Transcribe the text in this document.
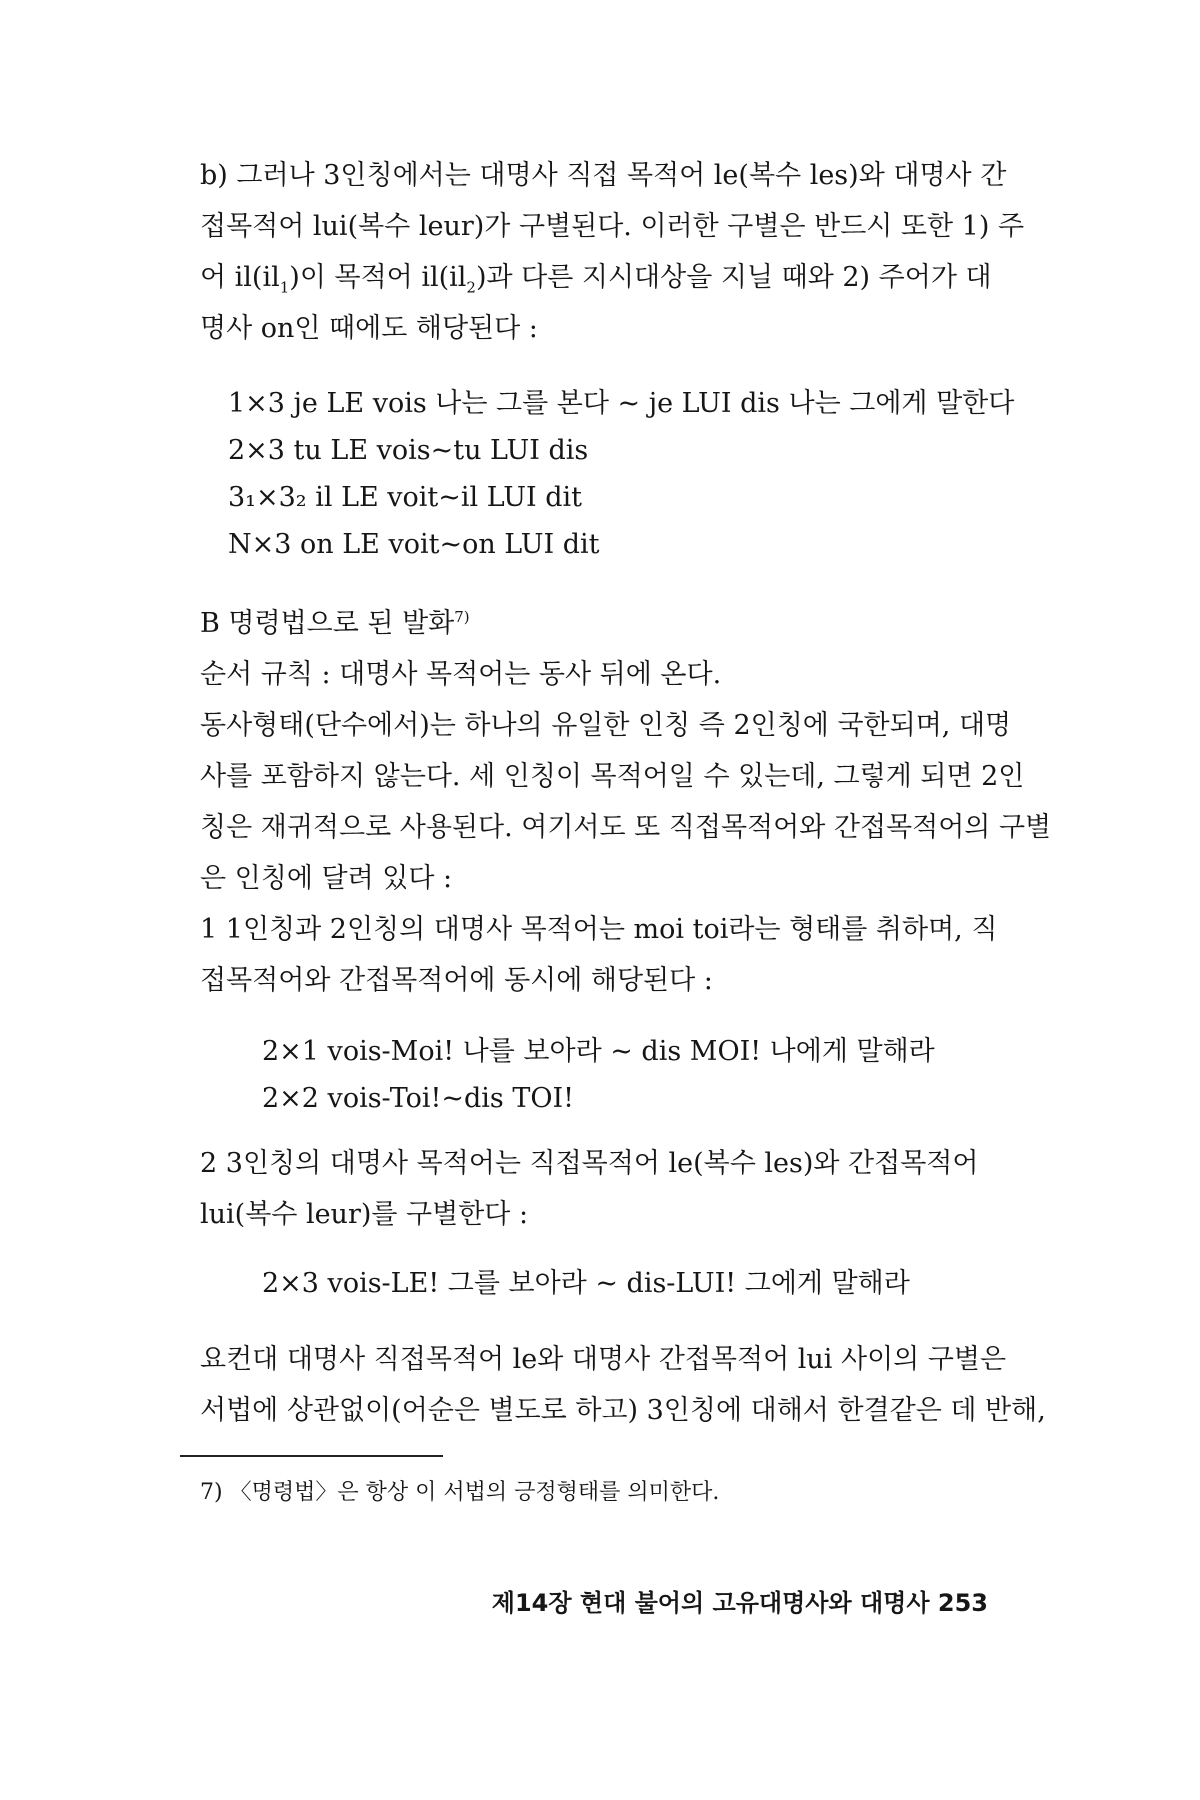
b) 그러나 3인칭에서는 대명사 직접 목적어 le(복수 les)와 대명사 간
접목적어 lui(복수 leur)가 구별된다. 이러한 구별은 반드시 또한 1) 주
어 $il(il_1)$이 목적어 $il(il_2)$과 다른 지시대상을 지닐 때와 2) 주어가 대
명사 on인 때에도 해당된다 :

1×3 je LE vois 나는 그를 본다 ~ je LUI dis 나는 그에게 말한다
2×3 tu LE vois~tu LUI dis
3₁×3₂ il LE voit~il LUI dit
N×3 on LE voit~on LUI dit

B 명령법으로 된 발화$^{7)}$
순서 규칙 : 대명사 목적어는 동사 뒤에 온다.

동사형태(단수에서)는 하나의 유일한 인칭 즉 2인칭에 국한되며, 대명
사를 포함하지 않는다. 세 인칭이 목적어일 수 있는데, 그렇게 되면 2인
칭은 재귀적으로 사용된다. 여기서도 또 직접목적어와 간접목적어의 구별
은 인칭에 달려 있다 :

1 1인칭과 2인칭의 대명사 목적어는 moi toi라는 형태를 취하며, 직
접목적어와 간접목적어에 동시에 해당된다 :

2×1 vois-Moi! 나를 보아라 ~ dis MOI! 나에게 말해라
2×2 vois-Toi!~dis TOI!

2 3인칭의 대명사 목적어는 직접목적어 le(복수 les)와 간접목적어
lui(복수 leur)를 구별한다 :

2×3 vois-LE! 그를 보아라 ~ dis-LUI! 그에게 말해라

요컨대 대명사 직접목적어 le와 대명사 간접목적어 lui 사이의 구별은
서법에 상관없이(어순은 별도로 하고) 3인칭에 대해서 한결같은 데 반해,

7) 〈명령법〉은 항상 이 서법의 긍정형태를 의미한다.

제14장 현대 불어의 고유대명사와 대명사 253
